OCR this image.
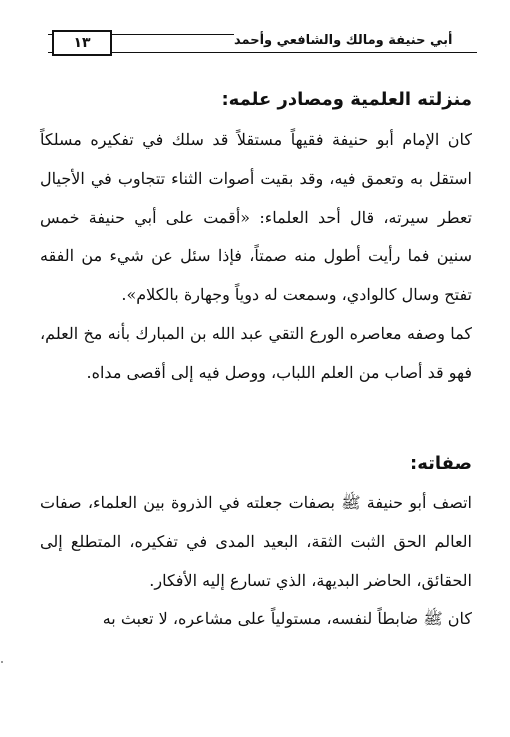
١٣	أبي حنيفة ومالك والشافعي وأحمد
منزلته العلمية ومصادر علمه:

كان الإمام أبو حنيفة فقيهاً مستقلاً قد سلك في تفكيره مسلكاً استقل به وتعمق فيه، وقد بقيت أصوات الثناء تتجاوب في الأجيال تعطر سيرته، قال أحد العلماء: «أقمت على أبي حنيفة خمس سنين فما رأيت أطول منه صمتاً، فإذا سئل عن شيء من الفقه تفتح وسال كالوادي، وسمعت له دوياً وجهارة بالكلام».

كما وصفه معاصره الورع التقي عبد الله بن المبارك بأنه مخ العلم، فهو قد أصاب من العلم اللباب، ووصل فيه إلى أقصى مداه.

صفاته:

اتصف أبو حنيفة ﷺ بصفات جعلته في الذروة بين العلماء، صفات العالم الحق الثبت الثقة، البعيد المدى في تفكيره، المتطلع إلى الحقائق، الحاضر البديهة، الذي تسارع إليه الأفكار.

كان ﷺ ضابطاً لنفسه، مستولياً على مشاعره، لا تعبث به
